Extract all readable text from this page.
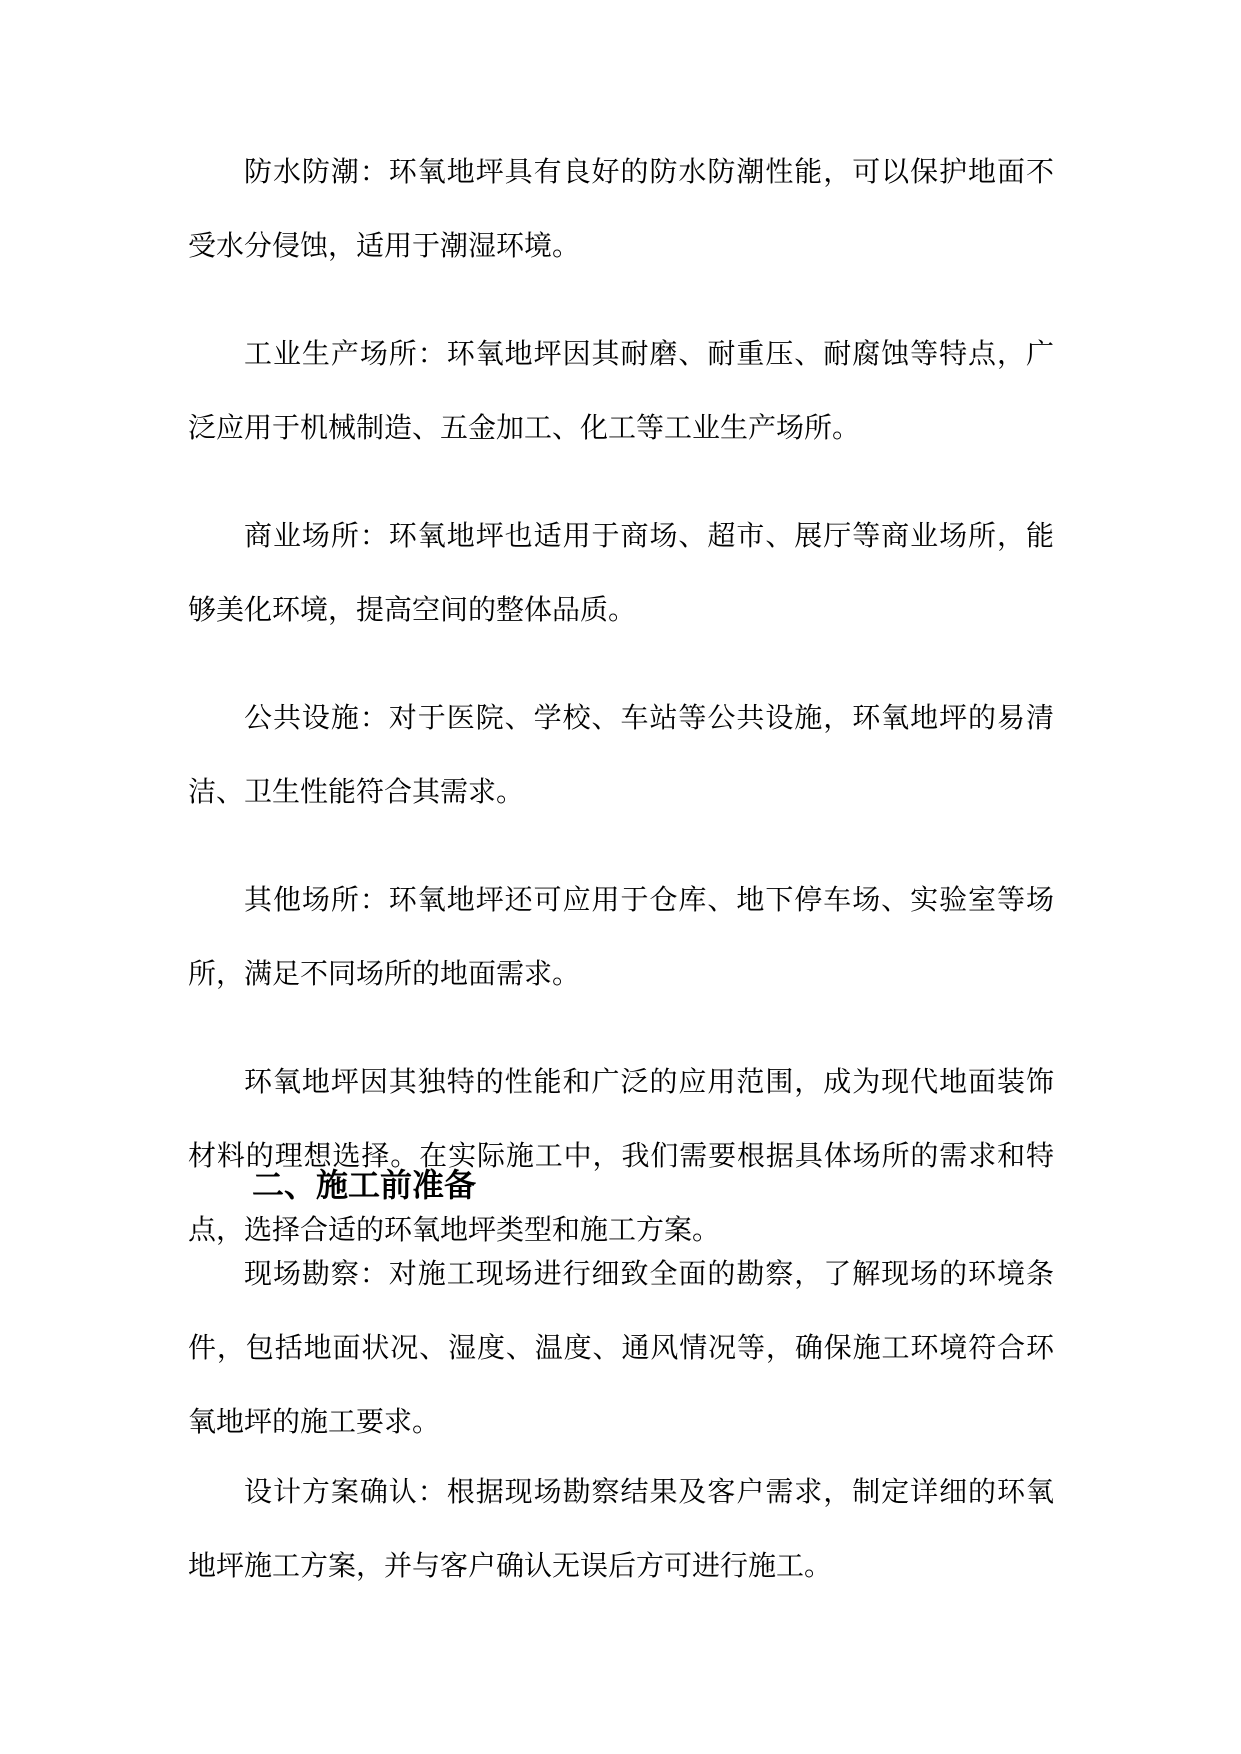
防水防潮：环氧地坪具有良好的防水防潮性能，可以保护地面不受水分侵蚀，适用于潮湿环境。

工业生产场所：环氧地坪因其耐磨、耐重压、耐腐蚀等特点，广泛应用于机械制造、五金加工、化工等工业生产场所。

商业场所：环氧地坪也适用于商场、超市、展厅等商业场所，能够美化环境，提高空间的整体品质。

公共设施：对于医院、学校、车站等公共设施，环氧地坪的易清洁、卫生性能符合其需求。

其他场所：环氧地坪还可应用于仓库、地下停车场、实验室等场所，满足不同场所的地面需求。

环氧地坪因其独特的性能和广泛的应用范围，成为现代地面装饰材料的理想选择。在实际施工中，我们需要根据具体场所的需求和特点，选择合适的环氧地坪类型和施工方案。

二、施工前准备

现场勘察：对施工现场进行细致全面的勘察，了解现场的环境条件，包括地面状况、湿度、温度、通风情况等，确保施工环境符合环氧地坪的施工要求。

设计方案确认：根据现场勘察结果及客户需求，制定详细的环氧地坪施工方案，并与客户确认无误后方可进行施工。
